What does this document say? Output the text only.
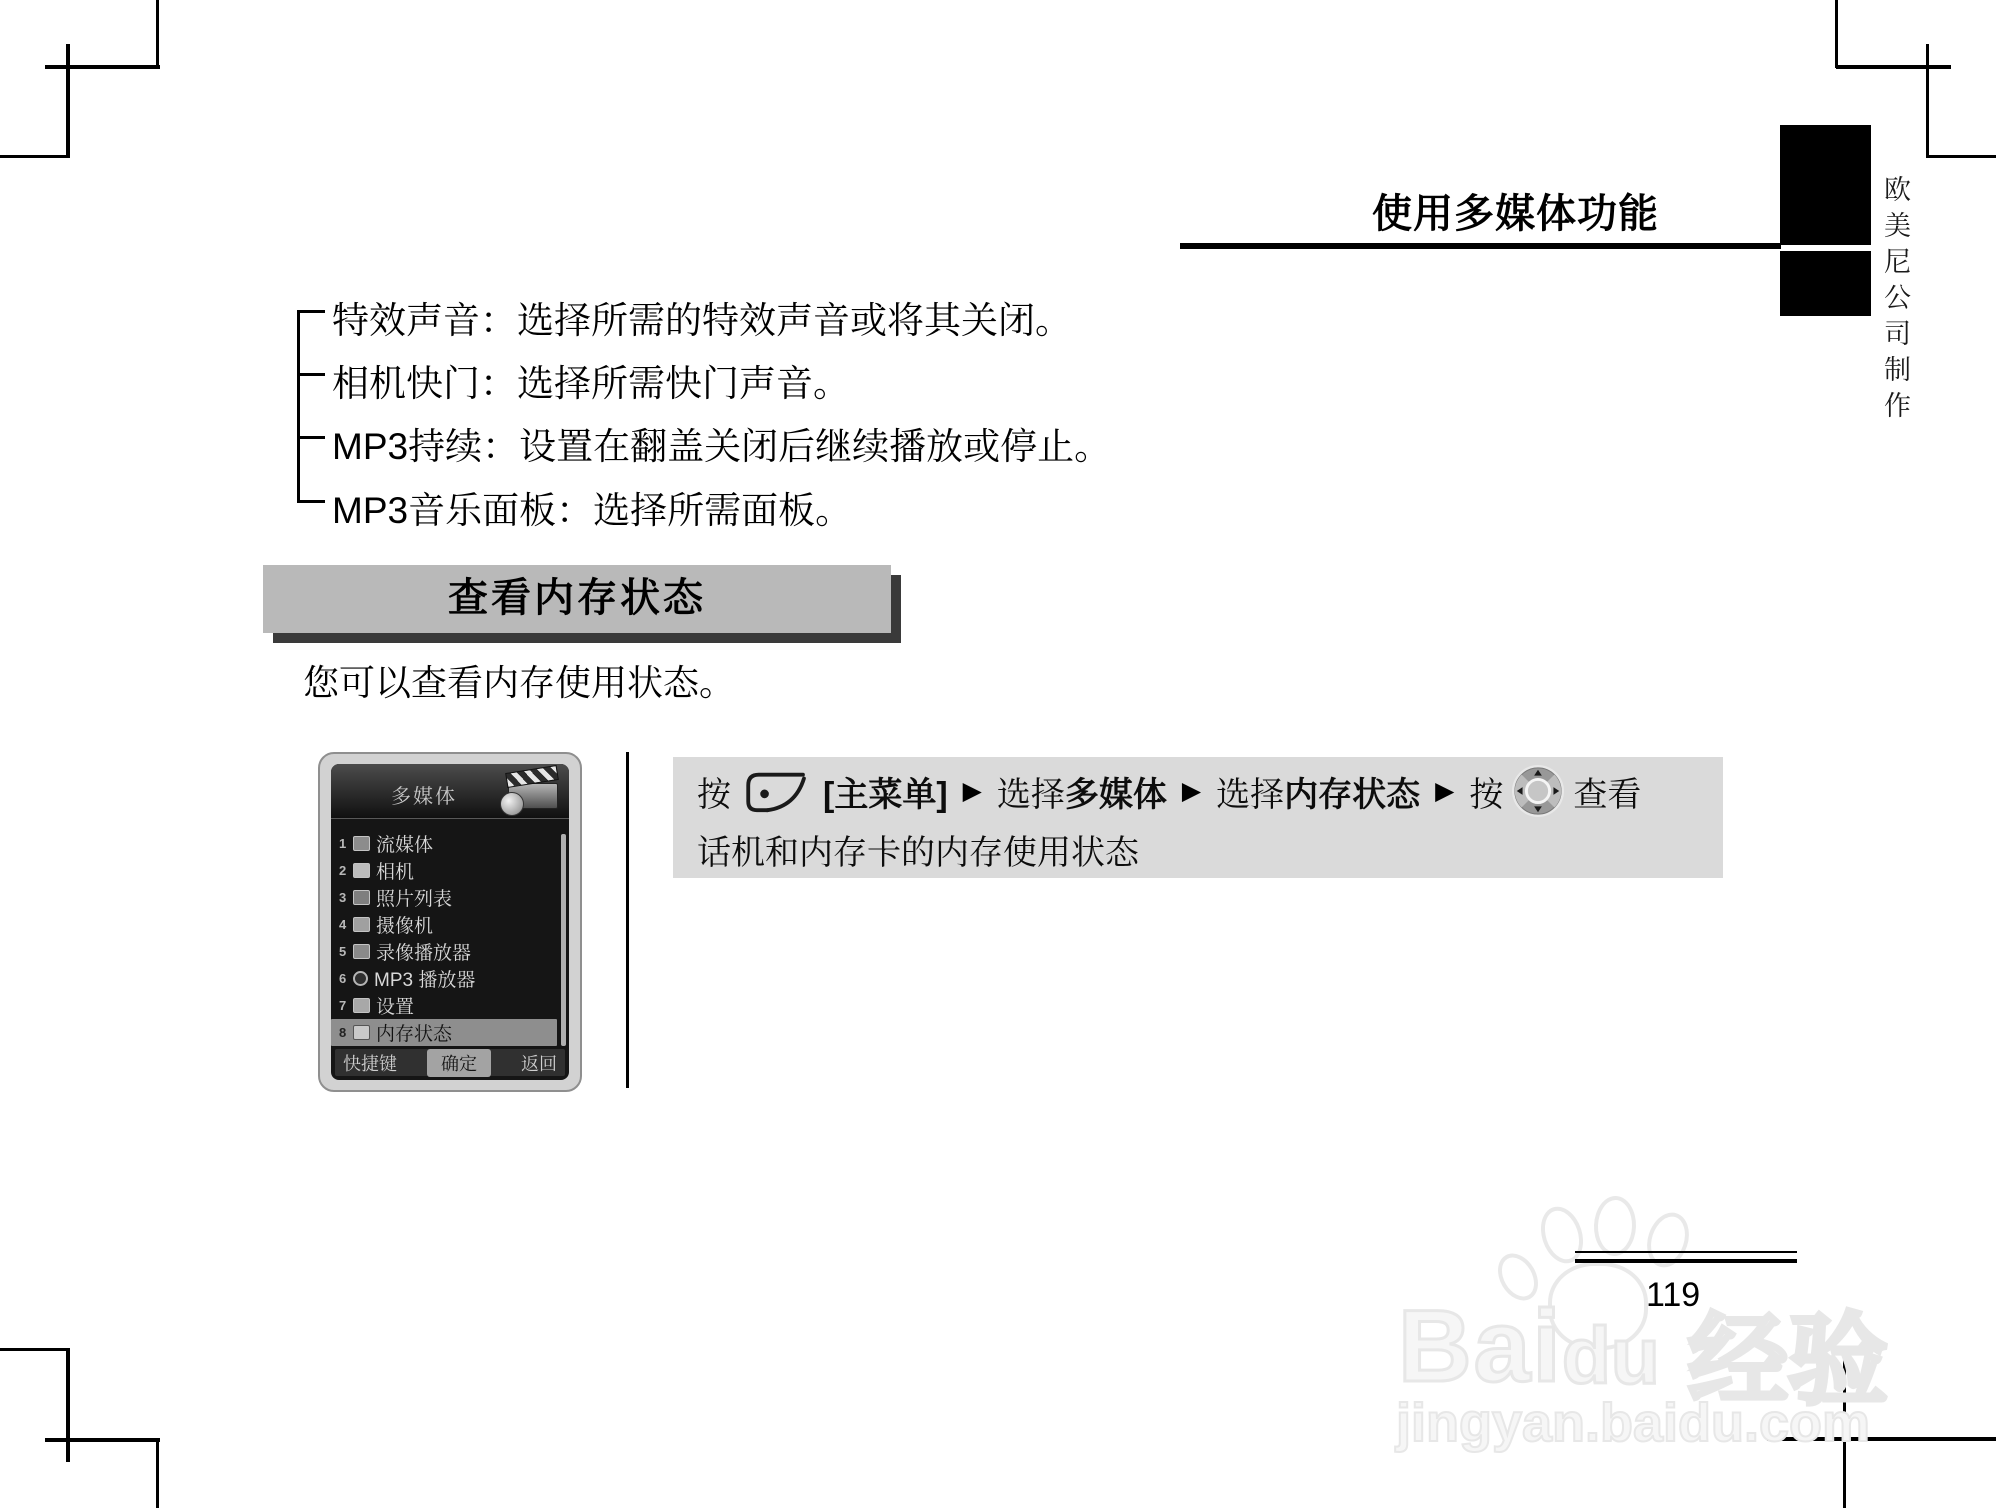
使用多媒体功能	欧美尼公司制作
特效声音：选择所需的特效声音或将其关闭。
相机快门：选择所需快门声音。
MP3持续：设置在翻盖关闭后继续播放或停止。
MP3音乐面板：选择所需面板。
查看内存状态
您可以查看内存使用状态。
多媒体
1	流媒体
2	相机
3	照片列表
4	摄像机
5	录像播放器
6	MP3 播放器
7	设置
8	内存状态
快捷键	确定	返回
按	[主菜单] ▶ 选择 多媒体 ▶ 选择 内存状态 ▶ 按 查看
话机和内存卡的内存使用状态
Bai du 经验
jingyan.baidu.com
119
